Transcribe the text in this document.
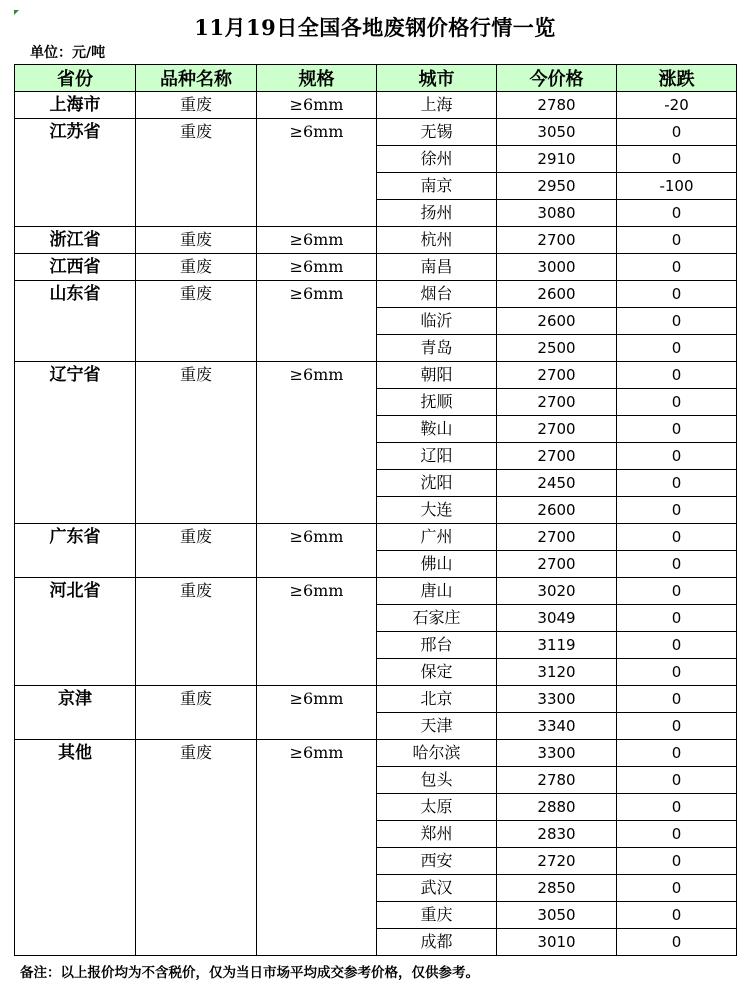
11月19日全国各地废钢价格行情一览
单位：元/吨
省份	品种名称	规格	城市	今价格	涨跌
上海市	重废	≥6mm	上海	2780	-20
江苏省	重废	≥6mm	无锡	3050	0
			徐州	2910	0
			南京	2950	-100
			扬州	3080	0
浙江省	重废	≥6mm	杭州	2700	0
江西省	重废	≥6mm	南昌	3000	0
山东省	重废	≥6mm	烟台	2600	0
			临沂	2600	0
			青岛	2500	0
辽宁省	重废	≥6mm	朝阳	2700	0
			抚顺	2700	0
			鞍山	2700	0
			辽阳	2700	0
			沈阳	2450	0
			大连	2600	0
广东省	重废	≥6mm	广州	2700	0
			佛山	2700	0
河北省	重废	≥6mm	唐山	3020	0
			石家庄	3049	0
			邢台	3119	0
			保定	3120	0
京津	重废	≥6mm	北京	3300	0
			天津	3340	0
其他	重废	≥6mm	哈尔滨	3300	0
			包头	2780	0
			太原	2880	0
			郑州	2830	0
			西安	2720	0
			武汉	2850	0
			重庆	3050	0
			成都	3010	0
备注：以上报价均为不含税价，仅为当日市场平均成交参考价格，仅供参考。
